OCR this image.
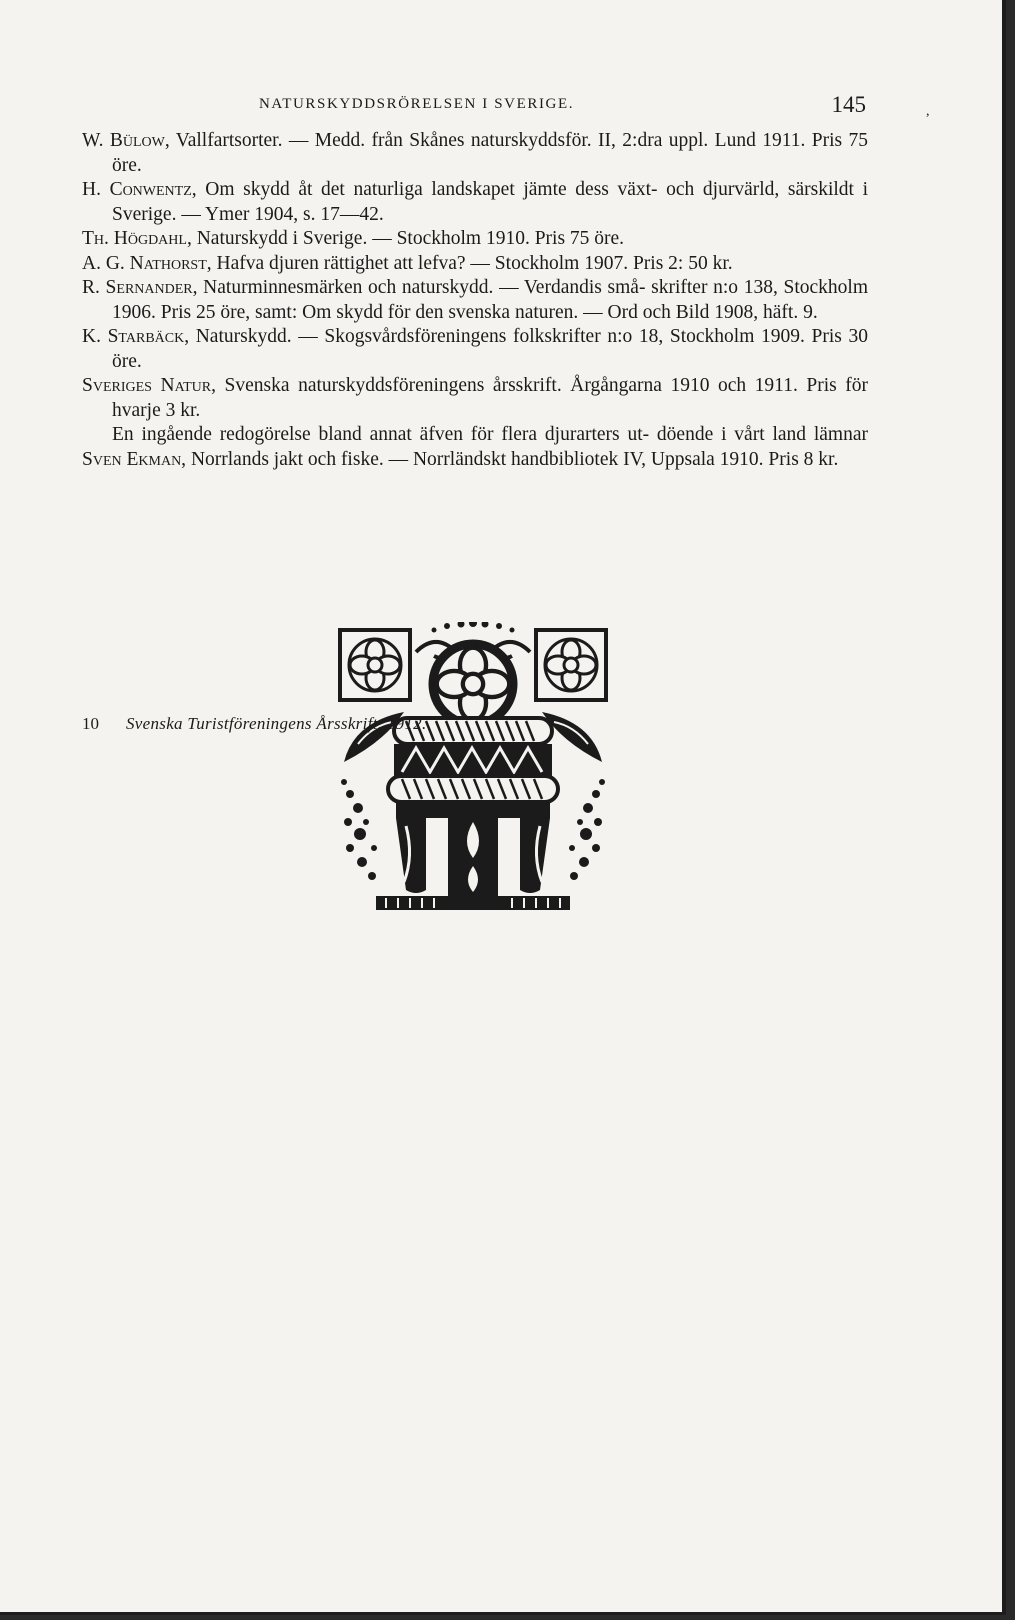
NATURSKYDDSRÖRELSEN I SVERIGE.	145	,
W. Bülow, Vallfartsorter. — Medd. från Skånes naturskyddsför. II, 2:dra uppl. Lund 1911. Pris 75 öre.
H. Conwentz, Om skydd åt det naturliga landskapet jämte dess växt- och djurvärld, särskildt i Sverige. — Ymer 1904, s. 17—42.
Th. Högdahl, Naturskydd i Sverige. — Stockholm 1910. Pris 75 öre.
A. G. Nathorst, Hafva djuren rättighet att lefva? — Stockholm 1907. Pris 2: 50 kr.
R. Sernander, Naturminnesmärken och naturskydd. — Verdandis små- skrifter n:o 138, Stockholm 1906. Pris 25 öre, samt: Om skydd för den svenska naturen. — Ord och Bild 1908, häft. 9.
K. Starbäck, Naturskydd. — Skogsvårdsföreningens folkskrifter n:o 18, Stockholm 1909. Pris 30 öre.
Sveriges Natur, Svenska naturskyddsföreningens årsskrift. Årgångarna 1910 och 1911. Pris för hvarje 3 kr.
En ingående redogörelse bland annat äfven för flera djurarters ut- döende i vårt land lämnar Sven Ekman, Norrlands jakt och fiske. — Norrländskt handbibliotek IV, Uppsala 1910. Pris 8 kr.
10 Svenska Turistföreningens Årsskrift, 1912.
